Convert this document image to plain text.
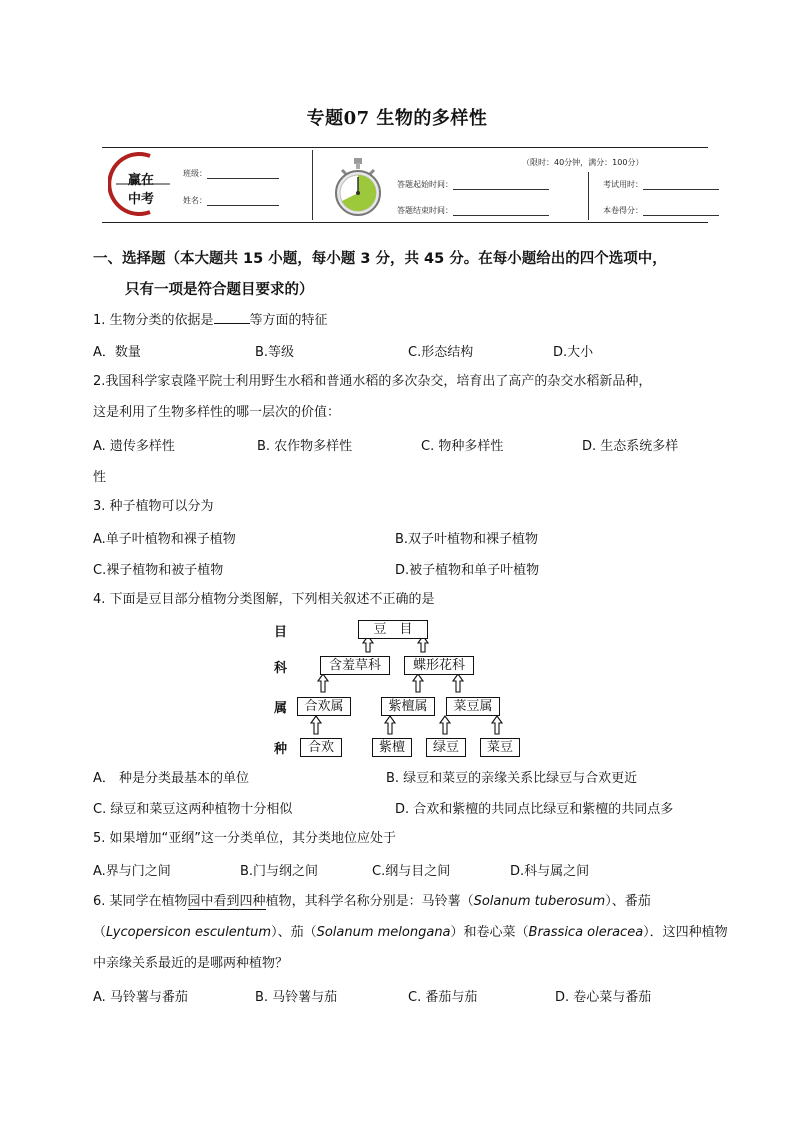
专题07 生物的多样性
赢在
中考
班级：
姓名：
（限时：40分钟，满分：100分）
答题起始时间：
答题结束时间：
考试用时：
本卷得分：
一、选择题（本大题共 15 小题，每小题 3 分，共 45 分。在每小题给出的四个选项中，
只有一项是符合题目要求的）
1. 生物分类的依据是	等方面的特征
A．数量	B.等级	C.形态结构	D.大小
2.我国科学家袁隆平院士利用野生水稻和普通水稻的多次杂交，培育出了高产的杂交水稻新品种，
这是利用了生物多样性的哪一层次的价值：
A. 遗传多样性	B. 农作物多样性	C. 物种多样性	D. 生态系统多样
性
3. 种子植物可以分为
A.单子叶植物和裸子植物	B.双子叶植物和裸子植物
C.裸子植物和被子植物	D.被子植物和单子叶植物
4. 下面是豆目部分植物分类图解，下列相关叙述不正确的是
目
科
属
种
豆　目
含羞草科	蝶形花科
合欢属	紫檀属	菜豆属
合欢	紫檀	绿豆	菜豆
A． 种是分类最基本的单位	B. 绿豆和菜豆的亲缘关系比绿豆与合欢更近
C. 绿豆和菜豆这两种植物十分相似	D. 合欢和紫檀的共同点比绿豆和紫檀的共同点多
5. 如果增加“亚纲”这一分类单位，其分类地位应处于
A.界与门之间	B.门与纲之间	C.纲与目之间	D.科与属之间
6. 某同学在植物园中看到四种植物，其科学名称分别是：马铃薯（Solanum tuberosum）、番茄
（Lycopersicon esculentum）、茄（Solanum melongana）和卷心菜（Brassica oleracea）．这四种植物
中亲缘关系最近的是哪两种植物？
A. 马铃薯与番茄	B. 马铃薯与茄	C. 番茄与茄	D. 卷心菜与番茄
